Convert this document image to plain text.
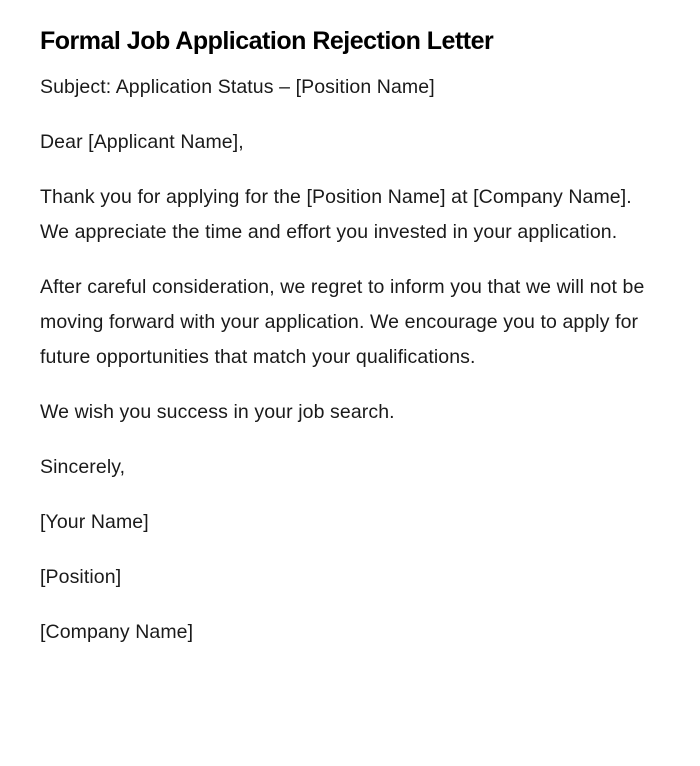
Formal Job Application Rejection Letter

Subject: Application Status – [Position Name]

Dear [Applicant Name],

Thank you for applying for the [Position Name] at [Company Name]. We appreciate the time and effort you invested in your application.

After careful consideration, we regret to inform you that we will not be moving forward with your application. We encourage you to apply for future opportunities that match your qualifications.

We wish you success in your job search.

Sincerely,

[Your Name]

[Position]

[Company Name]
